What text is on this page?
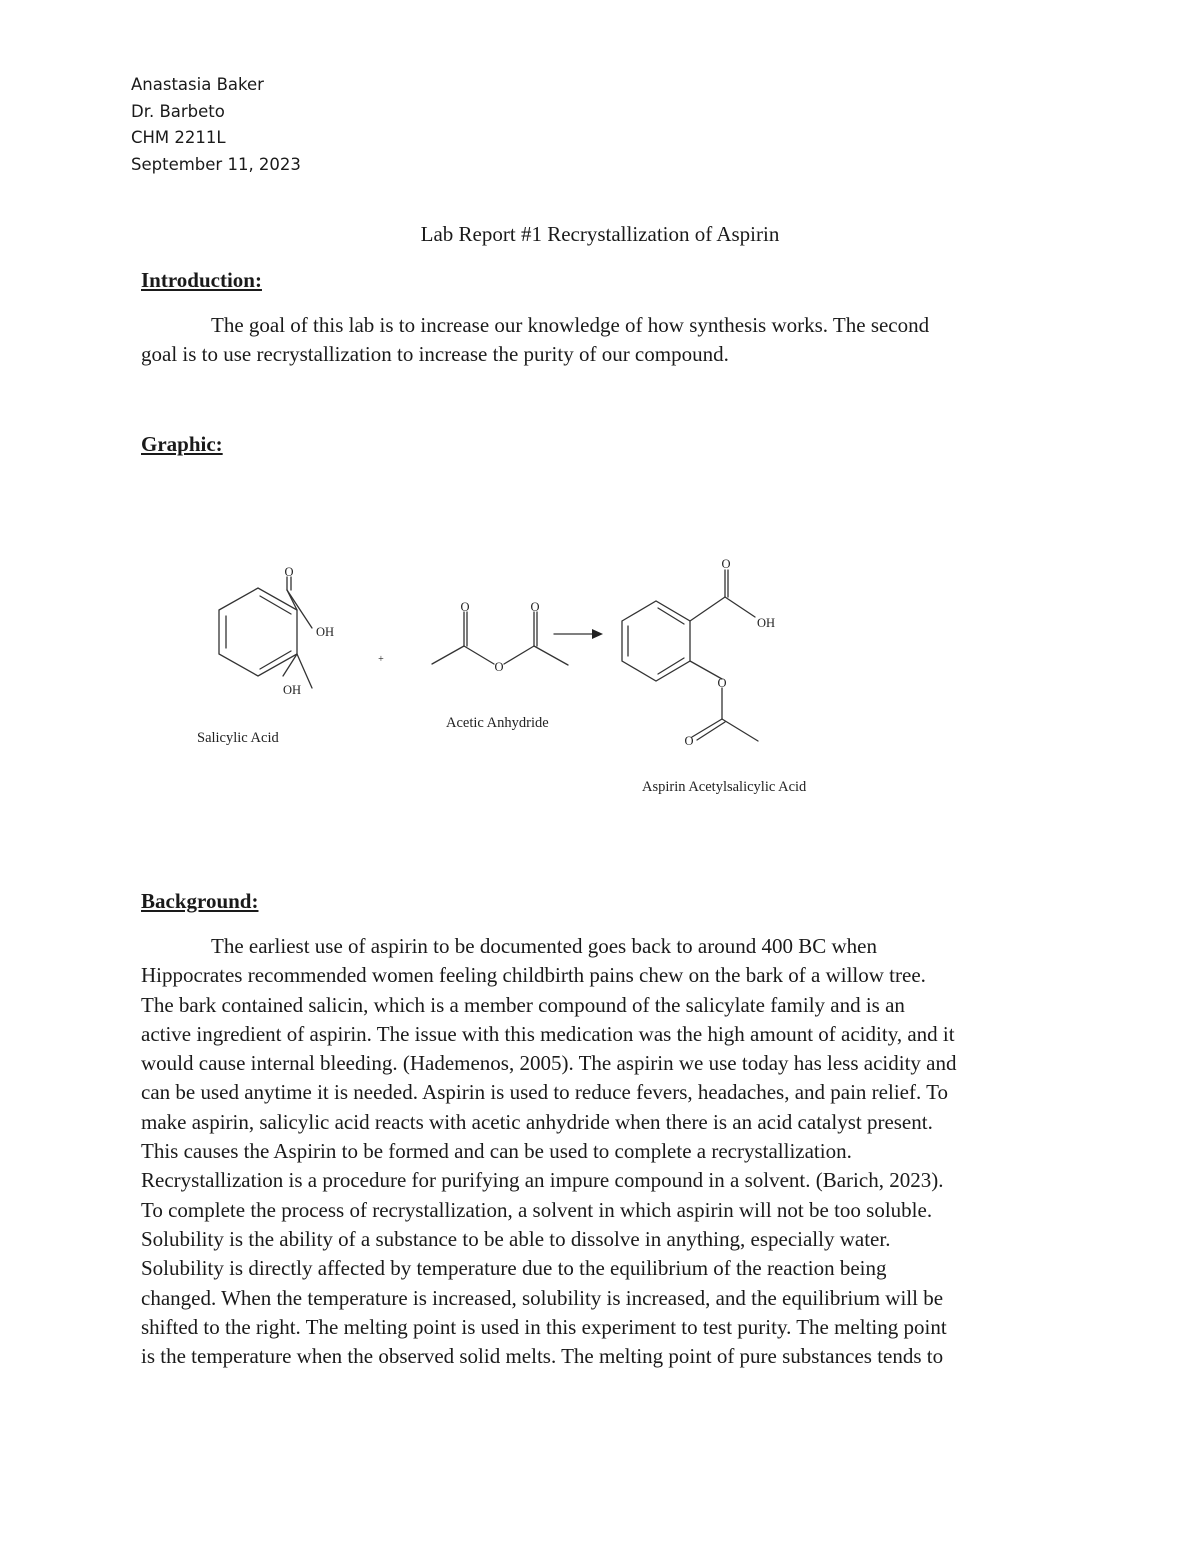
Anastasia Baker
Dr. Barbeto
CHM 2211L
September 11, 2023
Lab Report #1 Recrystallization of Aspirin
Introduction:
The goal of this lab is to increase our knowledge of how synthesis works. The second
goal is to use recrystallization to increase the purity of our compound.
Graphic:
O
OH
OH
O	O
O
+
O
OH
O
O
Salicylic Acid
Acetic Anhydride
Aspirin Acetylsalicylic Acid
Background:
The earliest use of aspirin to be documented goes back to around 400 BC when
Hippocrates recommended women feeling childbirth pains chew on the bark of a willow tree.
The bark contained salicin, which is a member compound of the salicylate family and is an
active ingredient of aspirin. The issue with this medication was the high amount of acidity, and it
would cause internal bleeding. (Hademenos, 2005). The aspirin we use today has less acidity and
can be used anytime it is needed. Aspirin is used to reduce fevers, headaches, and pain relief. To
make aspirin, salicylic acid reacts with acetic anhydride when there is an acid catalyst present.
This causes the Aspirin to be formed and can be used to complete a recrystallization.
Recrystallization is a procedure for purifying an impure compound in a solvent. (Barich, 2023).
To complete the process of recrystallization, a solvent in which aspirin will not be too soluble.
Solubility is the ability of a substance to be able to dissolve in anything, especially water.
Solubility is directly affected by temperature due to the equilibrium of the reaction being
changed. When the temperature is increased, solubility is increased, and the equilibrium will be
shifted to the right. The melting point is used in this experiment to test purity. The melting point
is the temperature when the observed solid melts. The melting point of pure substances tends to
